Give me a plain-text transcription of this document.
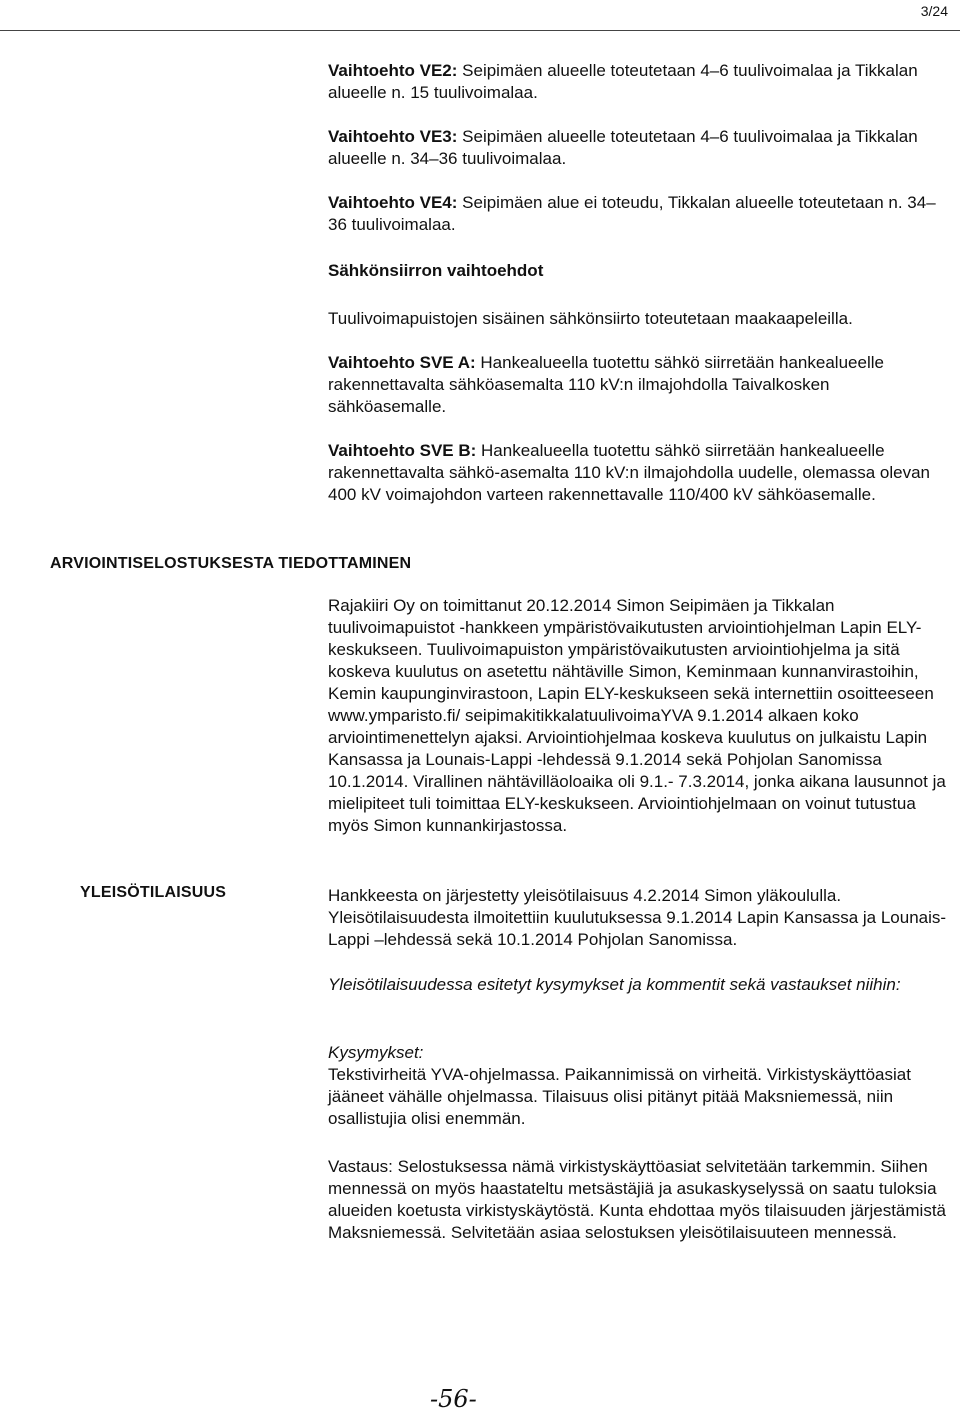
3/24

Vaihtoehto VE2: Seipimäen alueelle toteutetaan 4–6 tuulivoimalaa ja Tikkalan alueelle n. 15 tuulivoimalaa.

Vaihtoehto VE3: Seipimäen alueelle toteutetaan 4–6 tuulivoimalaa ja Tikkalan alueelle n. 34–36 tuulivoimalaa.

Vaihtoehto VE4: Seipimäen alue ei toteudu, Tikkalan alueelle toteutetaan n. 34–36 tuulivoimalaa.

Sähkönsiirron vaihtoehdot
Tuulivoimapuistojen sisäinen sähkönsiirto toteutetaan maakaapeleilla.

Vaihtoehto SVE A: Hankealueella tuotettu sähkö siirretään hankealueelle rakennettavalta sähköasemalta 110 kV:n ilmajohdolla Taivalkosken sähköasemalle.

Vaihtoehto SVE B: Hankealueella tuotettu sähkö siirretään hankealueelle rakennettavalta sähkö-asemalta 110 kV:n ilmajohdolla uudelle, olemassa olevan 400 kV voimajohdon varteen rakennettavalle 110/400 kV sähköasemalle.

ARVIOINTISELOSTUKSESTA TIEDOTTAMINEN
Rajakiiri Oy on toimittanut 20.12.2014 Simon Seipimäen ja Tikkalan tuulivoimapuistot -hankkeen ympäristövaikutusten arviointiohjelman Lapin ELY-keskukseen. Tuulivoimapuiston ympäristövaikutusten arviointiohjelma ja sitä koskeva kuulutus on asetettu nähtäville Simon, Keminmaan kunnanvirastoihin, Kemin kaupunginvirastoon, Lapin ELY-keskukseen sekä internettiin osoitteeseen www.ymparisto.fi/ seipimakitikkalatuulivoimaYVA 9.1.2014 alkaen koko arviointimenettelyn ajaksi. Arviointiohjelmaa koskeva kuulutus on julkaistu Lapin Kansassa ja Lounais-Lappi -lehdessä 9.1.2014 sekä Pohjolan Sanomissa 10.1.2014. Virallinen nähtävilläoloaika oli 9.1.- 7.3.2014, jonka aikana lausunnot ja mielipiteet tuli toimittaa ELY-keskukseen. Arviointiohjelmaan on voinut tutustua myös Simon kunnankirjastossa.
YLEISÖTILAISUUS	Hankkeesta on järjestetty yleisötilaisuus 4.2.2014 Simon yläkoululla. Yleisötilaisuudesta ilmoitettiin kuulutuksessa 9.1.2014 Lapin Kansassa ja Lounais-Lappi –lehdessä sekä 10.1.2014 Pohjolan Sanomissa.
Yleisötilaisuudessa esitetyt kysymykset ja kommentit sekä vastaukset niihin:
Kysymykset:
Tekstivirheitä YVA-ohjelmassa. Paikannimissä on virheitä. Virkistyskäyttöasiat jääneet vähälle ohjelmassa. Tilaisuus olisi pitänyt pitää Maksniemessä, niin osallistujia olisi enemmän.
Vastaus: Selostuksessa nämä virkistyskäyttöasiat selvitetään tarkemmin. Siihen mennessä on myös haastateltu metsästäjiä ja asukaskyselyssä on saatu tuloksia alueiden koetusta virkistyskäytöstä. Kunta ehdottaa myös tilaisuuden järjestämistä Maksniemessä. Selvitetään asiaa selostuksen yleisötilaisuuteen mennessä.
-56-
